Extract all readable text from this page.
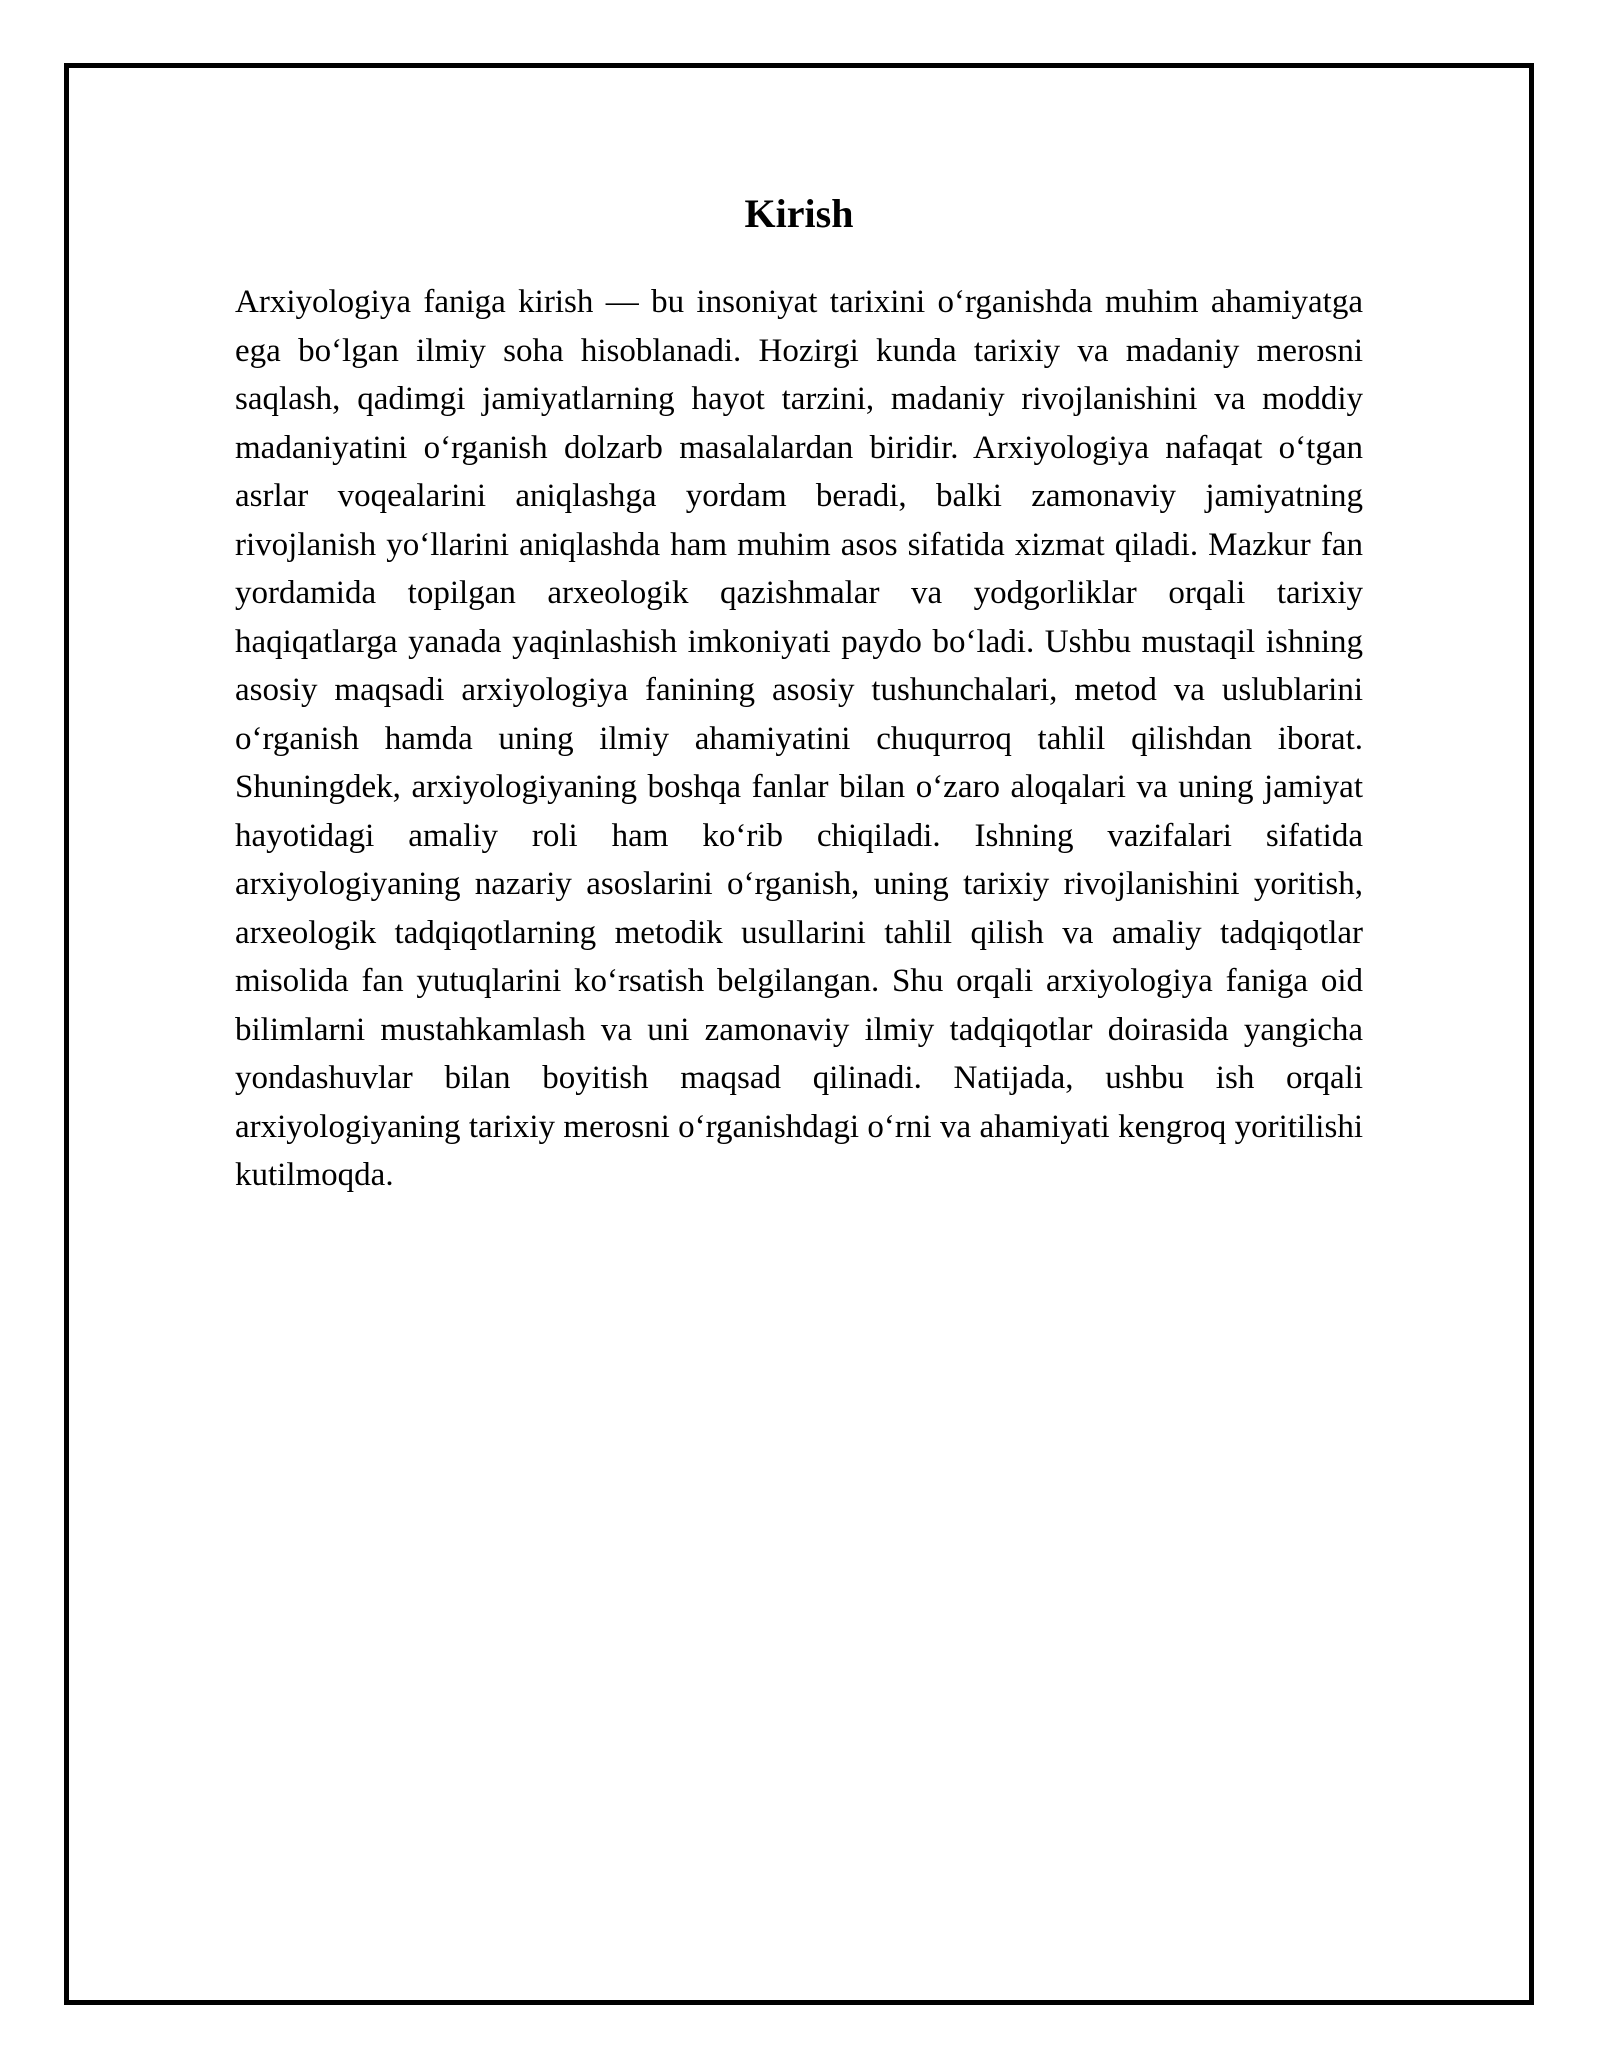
Kirish

Arxiyologiya faniga kirish — bu insoniyat tarixini o‘rganishda muhim ahamiyatga ega bo‘lgan ilmiy soha hisoblanadi. Hozirgi kunda tarixiy va madaniy merosni saqlash, qadimgi jamiyatlarning hayot tarzini, madaniy rivojlanishini va moddiy madaniyatini o‘rganish dolzarb masalalardan biridir. Arxiyologiya nafaqat o‘tgan asrlar voqealarini aniqlashga yordam beradi, balki zamonaviy jamiyatning rivojlanish yo‘llarini aniqlashda ham muhim asos sifatida xizmat qiladi. Mazkur fan yordamida topilgan arxeologik qazishmalar va yodgorliklar orqali tarixiy haqiqatlarga yanada yaqinlashish imkoniyati paydo bo‘ladi. Ushbu mustaqil ishning asosiy maqsadi arxiyologiya fanining asosiy tushunchalari, metod va uslublarini o‘rganish hamda uning ilmiy ahamiyatini chuqurroq tahlil qilishdan iborat. Shuningdek, arxiyologiyaning boshqa fanlar bilan o‘zaro aloqalari va uning jamiyat hayotidagi amaliy roli ham ko‘rib chiqiladi. Ishning vazifalari sifatida arxiyologiyaning nazariy asoslarini o‘rganish, uning tarixiy rivojlanishini yoritish, arxeologik tadqiqotlarning metodik usullarini tahlil qilish va amaliy tadqiqotlar misolida fan yutuqlarini ko‘rsatish belgilangan. Shu orqali arxiyologiya faniga oid bilimlarni mustahkamlash va uni zamonaviy ilmiy tadqiqotlar doirasida yangicha yondashuvlar bilan boyitish maqsad qilinadi. Natijada, ushbu ish orqali arxiyologiyaning tarixiy merosni o‘rganishdagi o‘rni va ahamiyati kengroq yoritilishi kutilmoqda.
